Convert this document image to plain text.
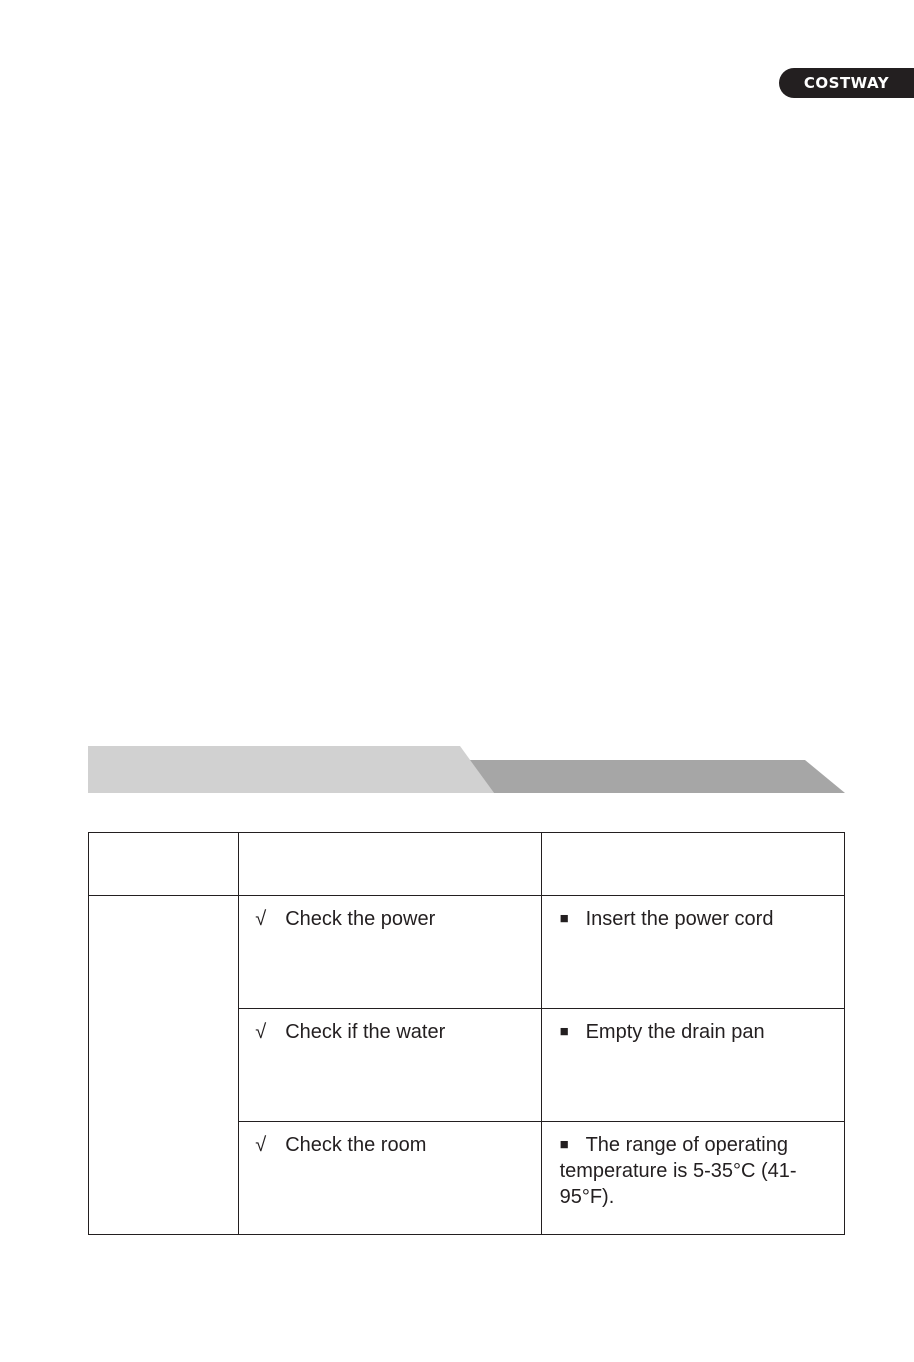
COSTWAY

	√ Check the power	■ Insert the power cord

	√ Check if the water	■ Empty the drain pan

	√ Check the room	■ The range of operating temperature is 5-35°C (41-95°F).
